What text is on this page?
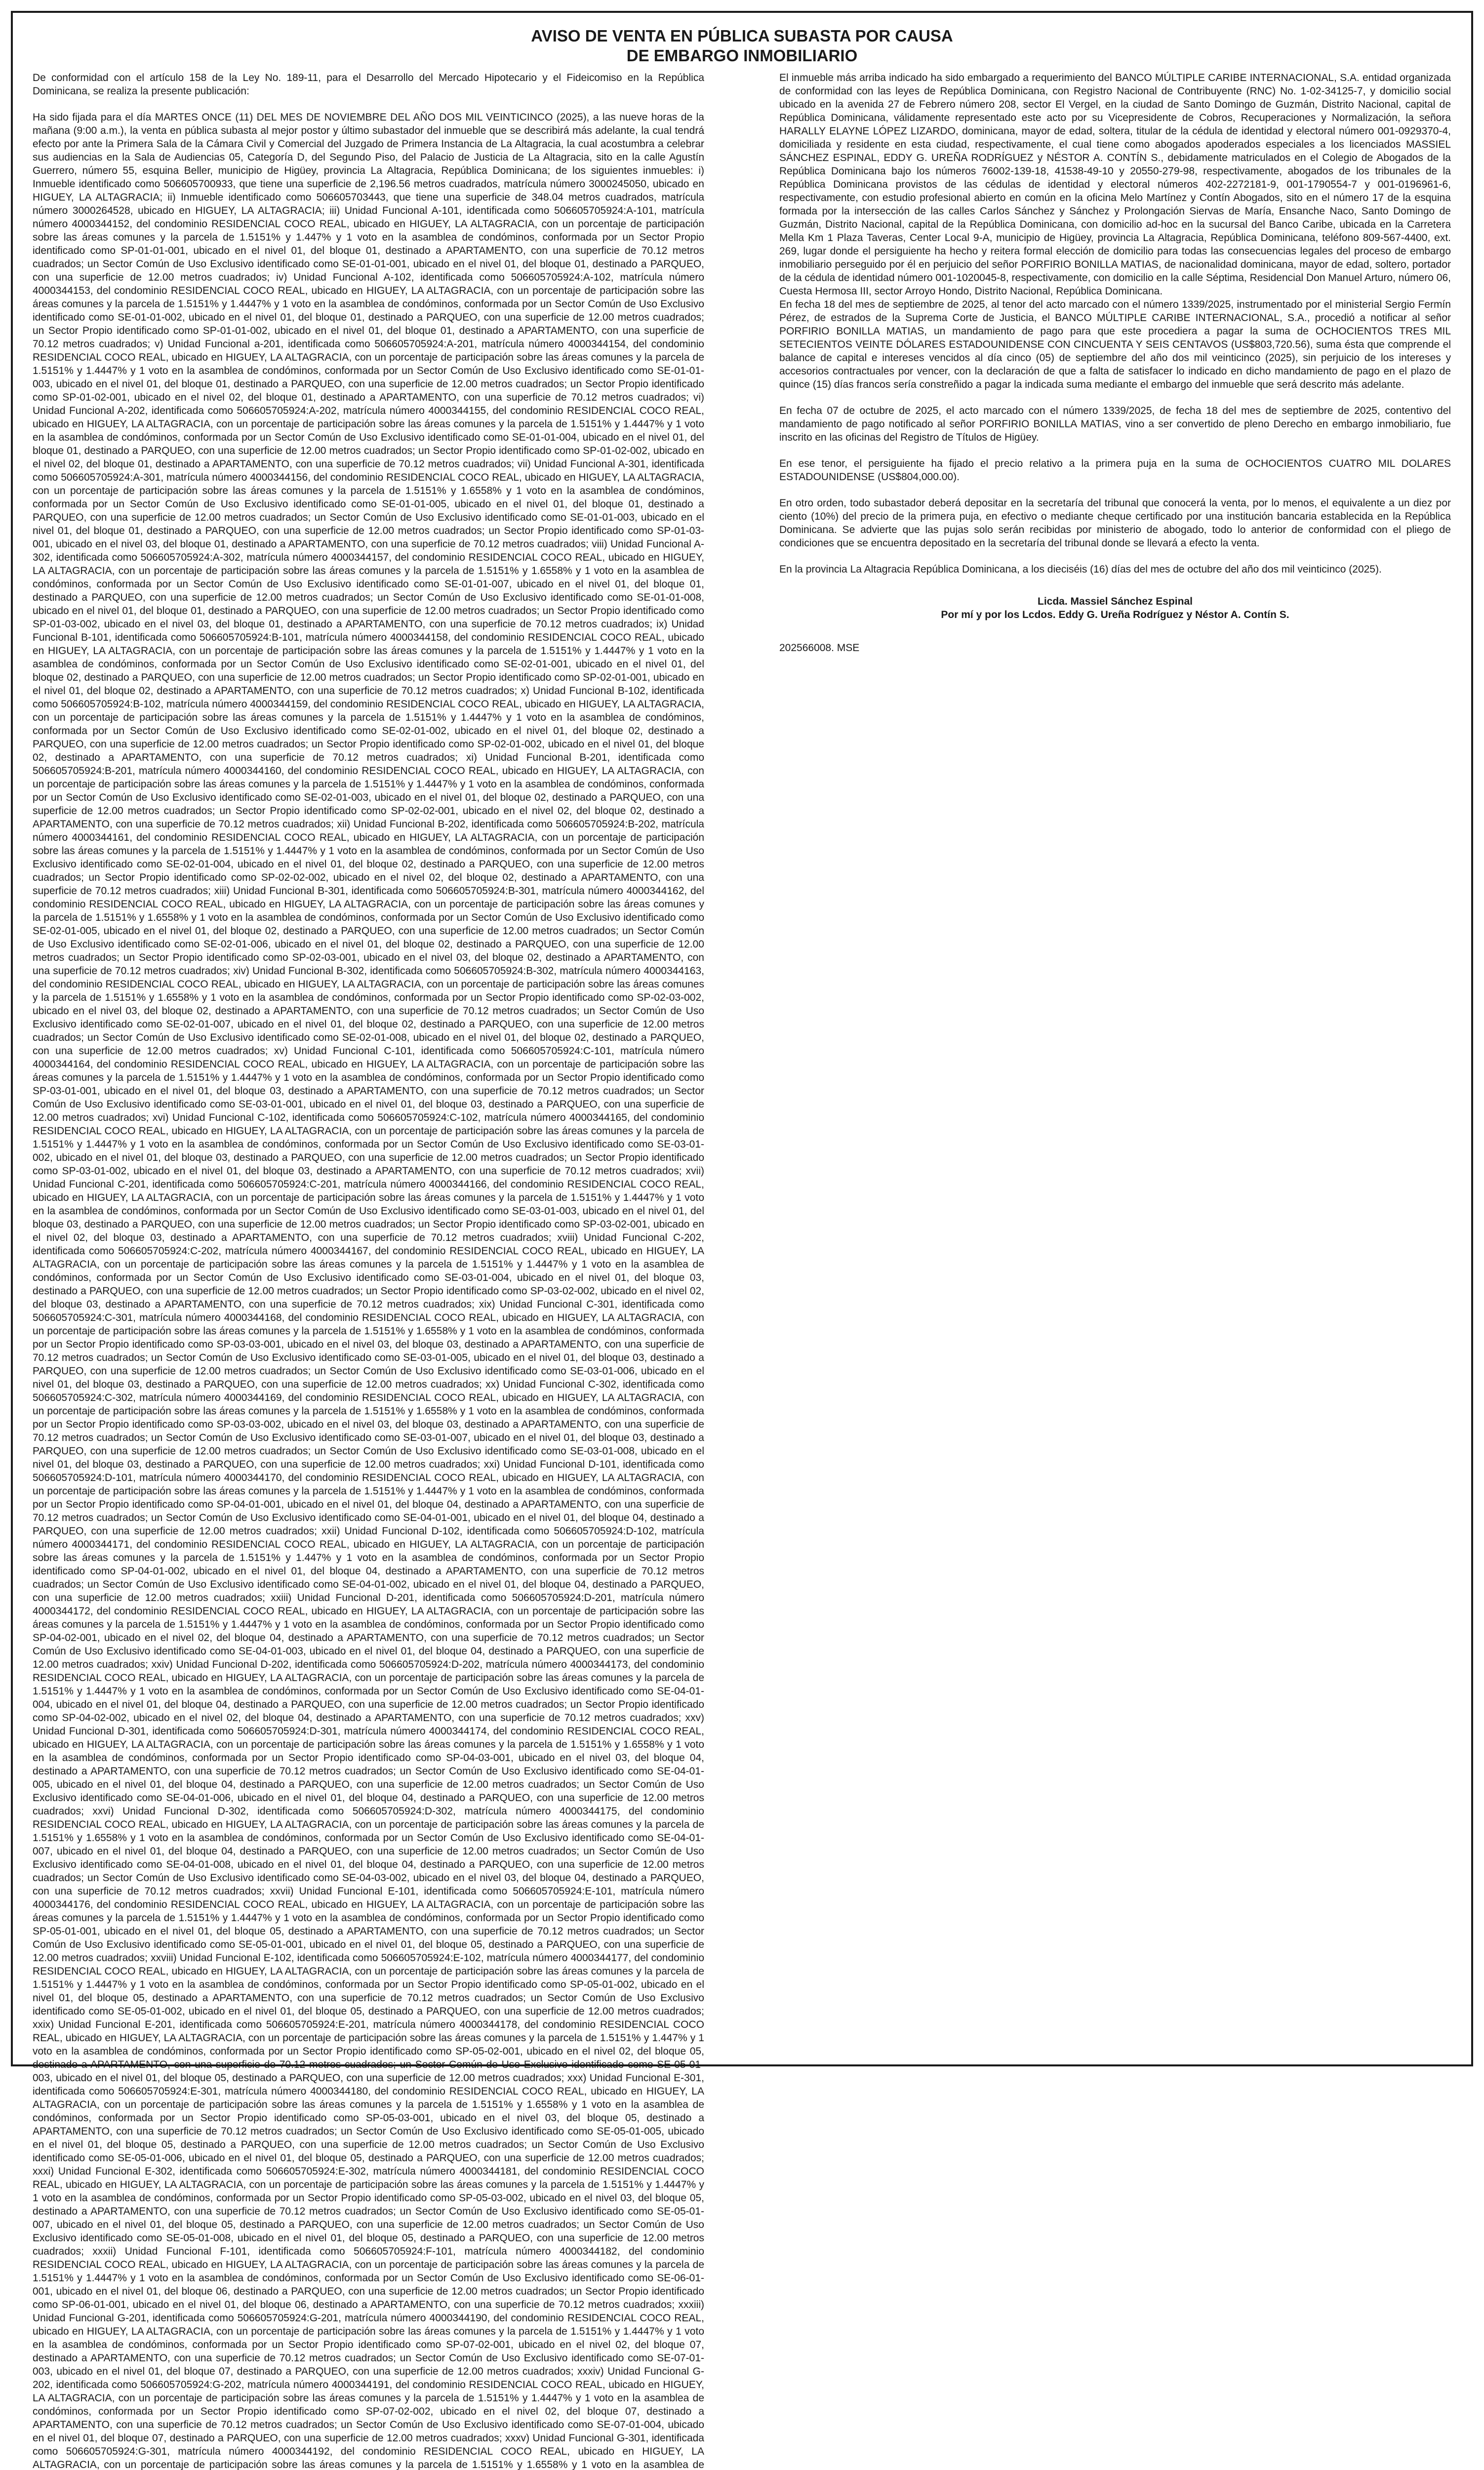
AVISO DE VENTA EN PÚBLICA SUBASTA POR CAUSA
DE EMBARGO INMOBILIARIO

De conformidad con el artículo 158 de la Ley No. 189-11, para el Desarrollo del Mercado Hipotecario y el Fideicomiso en la República Dominicana, se realiza la presente publicación:

Ha sido fijada para el día MARTES ONCE (11) DEL MES DE NOVIEMBRE DEL AÑO DOS MIL VEINTICINCO (2025), a las nueve horas de la mañana (9:00 a.m.), la venta en pública subasta al mejor postor y último subastador del inmueble que se describirá más adelante, la cual tendrá efecto por ante la Primera Sala de la Cámara Civil y Comercial del Juzgado de Primera Instancia de La Altagracia, la cual acostumbra a celebrar sus audiencias en la Sala de Audiencias 05, Categoría D, del Segundo Piso, del Palacio de Justicia de La Altagracia, sito en la calle Agustín Guerrero, número 55, esquina Beller, municipio de Higüey, provincia La Altagracia, República Dominicana; de los siguientes inmuebles: i) Inmueble identificado como 506605700933, que tiene una superficie de 2,196.56 metros cuadrados, matrícula número 3000245050, ubicado en HIGUEY, LA ALTAGRACIA; ii) Inmueble identificado como 506605703443, que tiene una superficie de 348.04 metros cuadrados, matrícula número 3000264528, ubicado en HIGUEY, LA ALTAGRACIA; iii) Unidad Funcional A-101, identificada como 506605705924:A-101, matrícula número 4000344152, del condominio RESIDENCIAL COCO REAL, ubicado en HIGUEY, LA ALTAGRACIA, con un porcentaje de participación sobre las áreas comunes y la parcela de 1.5151% y 1.447% y 1 voto en la asamblea de condóminos, conformada por un Sector Propio identificado como SP-01-01-001, ubicado en el nivel 01, del bloque 01, destinado a APARTAMENTO, con una superficie de 70.12 metros cuadrados; un Sector Común de Uso Exclusivo identificado como SE-01-01-001, ubicado en el nivel 01, del bloque 01, destinado a PARQUEO, con una superficie de 12.00 metros cuadrados; iv) Unidad Funcional A-102, identificada como 506605705924:A-102, matrícula número 4000344153, del condominio RESIDENCIAL COCO REAL, ubicado en HIGUEY, LA ALTAGRACIA, con un porcentaje de participación sobre las áreas comunes y la parcela de 1.5151% y 1.4447% y 1 voto en la asamblea de condóminos, conformada por un Sector Común de Uso Exclusivo identificado como SE-01-01-002, ubicado en el nivel 01, del bloque 01, destinado a PARQUEO, con una superficie de 12.00 metros cuadrados; un Sector Propio identificado como SP-01-01-002, ubicado en el nivel 01, del bloque 01, destinado a APARTAMENTO, con una superficie de 70.12 metros cuadrados; v) Unidad Funcional a-201, identificada como 506605705924:A-201, matrícula número 4000344154, del condominio RESIDENCIAL COCO REAL, ubicado en HIGUEY, LA ALTAGRACIA, con un porcentaje de participación sobre las áreas comunes y la parcela de 1.5151% y 1.4447% y 1 voto en la asamblea de condóminos, conformada por un Sector Común de Uso Exclusivo identificado como SE-01-01-003, ubicado en el nivel 01, del bloque 01, destinado a PARQUEO, con una superficie de 12.00 metros cuadrados; un Sector Propio identificado como SP-01-02-001, ubicado en el nivel 02, del bloque 01, destinado a APARTAMENTO, con una superficie de 70.12 metros cuadrados; vi) Unidad Funcional A-202, identificada como 506605705924:A-202, matrícula número 4000344155, del condominio RESIDENCIAL COCO REAL, ubicado en HIGUEY, LA ALTAGRACIA, con un porcentaje de participación sobre las áreas comunes y la parcela de 1.5151% y 1.4447% y 1 voto en la asamblea de condóminos, conformada por un Sector Común de Uso Exclusivo identificado como SE-01-01-004, ubicado en el nivel 01, del bloque 01, destinado a PARQUEO, con una superficie de 12.00 metros cuadrados; un Sector Propio identificado como SP-01-02-002, ubicado en el nivel 02, del bloque 01, destinado a APARTAMENTO, con una superficie de 70.12 metros cuadrados; vii) Unidad Funcional A-301, identificada como 506605705924:A-301, matrícula número 4000344156, del condominio RESIDENCIAL COCO REAL, ubicado en HIGUEY, LA ALTAGRACIA, con un porcentaje de participación sobre las áreas comunes y la parcela de 1.5151% y 1.6558% y 1 voto en la asamblea de condóminos, conformada por un Sector Común de Uso Exclusivo identificado como SE-01-01-005, ubicado en el nivel 01, del bloque 01, destinado a PARQUEO, con una superficie de 12.00 metros cuadrados; un Sector Común de Uso Exclusivo identificado como SE-01-01-003, ubicado en el nivel 01, del bloque 01, destinado a PARQUEO, con una superficie de 12.00 metros cuadrados; un Sector Propio identificado como SP-01-03-001, ubicado en el nivel 03, del bloque 01, destinado a APARTAMENTO, con una superficie de 70.12 metros cuadrados; viii) Unidad Funcional A-302, identificada como 506605705924:A-302, matrícula número 4000344157, del condominio RESIDENCIAL COCO REAL, ubicado en HIGUEY, LA ALTAGRACIA, con un porcentaje de participación sobre las áreas comunes y la parcela de 1.5151% y 1.6558% y 1 voto en la asamblea de condóminos, conformada por un Sector Común de Uso Exclusivo identificado como SE-01-01-007, ubicado en el nivel 01, del bloque 01, destinado a PARQUEO, con una superficie de 12.00 metros cuadrados; un Sector Común de Uso Exclusivo identificado como SE-01-01-008, ubicado en el nivel 01, del bloque 01, destinado a PARQUEO, con una superficie de 12.00 metros cuadrados; un Sector Propio identificado como SP-01-03-002, ubicado en el nivel 03, del bloque 01, destinado a APARTAMENTO, con una superficie de 70.12 metros cuadrados; ix) Unidad Funcional B-101, identificada como 506605705924:B-101, matrícula número 4000344158, del condominio RESIDENCIAL COCO REAL, ubicado en HIGUEY, LA ALTAGRACIA, con un porcentaje de participación sobre las áreas comunes y la parcela de 1.5151% y 1.4447% y 1 voto en la asamblea de condóminos, conformada por un Sector Común de Uso Exclusivo identificado como SE-02-01-001, ubicado en el nivel 01, del bloque 02, destinado a PARQUEO, con una superficie de 12.00 metros cuadrados; un Sector Propio identificado como SP-02-01-001, ubicado en el nivel 01, del bloque 02, destinado a APARTAMENTO, con una superficie de 70.12 metros cuadrados; x) Unidad Funcional B-102, identificada como 506605705924:B-102, matrícula número 4000344159, del condominio RESIDENCIAL COCO REAL, ubicado en HIGUEY, LA ALTAGRACIA, con un porcentaje de participación sobre las áreas comunes y la parcela de 1.5151% y 1.4447% y 1 voto en la asamblea de condóminos, conformada por un Sector Común de Uso Exclusivo identificado como SE-02-01-002, ubicado en el nivel 01, del bloque 02, destinado a PARQUEO, con una superficie de 12.00 metros cuadrados; un Sector Propio identificado como SP-02-01-002, ubicado en el nivel 01, del bloque 02, destinado a APARTAMENTO, con una superficie de 70.12 metros cuadrados; xi) Unidad Funcional B-201, identificada como 506605705924:B-201, matrícula número 4000344160, del condominio RESIDENCIAL COCO REAL, ubicado en HIGUEY, LA ALTAGRACIA, con un porcentaje de participación sobre las áreas comunes y la parcela de 1.5151% y 1.4447% y 1 voto en la asamblea de condóminos, conformada por un Sector Común de Uso Exclusivo identificado como SE-02-01-003, ubicado en el nivel 01, del bloque 02, destinado a PARQUEO, con una superficie de 12.00 metros cuadrados; un Sector Propio identificado como SP-02-02-001, ubicado en el nivel 02, del bloque 02, destinado a APARTAMENTO, con una superficie de 70.12 metros cuadrados; xii) Unidad Funcional B-202, identificada como 506605705924:B-202, matrícula número 4000344161, del condominio RESIDENCIAL COCO REAL, ubicado en HIGUEY, LA ALTAGRACIA, con un porcentaje de participación sobre las áreas comunes y la parcela de 1.5151% y 1.4447% y 1 voto en la asamblea de condóminos, conformada por un Sector Común de Uso Exclusivo identificado como SE-02-01-004, ubicado en el nivel 01, del bloque 02, destinado a PARQUEO, con una superficie de 12.00 metros cuadrados; un Sector Propio identificado como SP-02-02-002, ubicado en el nivel 02, del bloque 02, destinado a APARTAMENTO, con una superficie de 70.12 metros cuadrados; xiii) Unidad Funcional B-301, identificada como 506605705924:B-301, matrícula número 4000344162, del condominio RESIDENCIAL COCO REAL, ubicado en HIGUEY, LA ALTAGRACIA, con un porcentaje de participación sobre las áreas comunes y la parcela de 1.5151% y 1.6558% y 1 voto en la asamblea de condóminos, conformada por un Sector Común de Uso Exclusivo identificado como SE-02-01-005, ubicado en el nivel 01, del bloque 02, destinado a PARQUEO, con una superficie de 12.00 metros cuadrados; un Sector Común de Uso Exclusivo identificado como SE-02-01-006, ubicado en el nivel 01, del bloque 02, destinado a PARQUEO, con una superficie de 12.00 metros cuadrados; un Sector Propio identificado como SP-02-03-001, ubicado en el nivel 03, del bloque 02, destinado a APARTAMENTO, con una superficie de 70.12 metros cuadrados; xiv) Unidad Funcional B-302, identificada como 506605705924:B-302, matrícula número 4000344163, del condominio RESIDENCIAL COCO REAL, ubicado en HIGUEY, LA ALTAGRACIA, con un porcentaje de participación sobre las áreas comunes y la parcela de 1.5151% y 1.6558% y 1 voto en la asamblea de condóminos, conformada por un Sector Propio identificado como SP-02-03-002, ubicado en el nivel 03, del bloque 02, destinado a APARTAMENTO, con una superficie de 70.12 metros cuadrados; un Sector Común de Uso Exclusivo identificado como SE-02-01-007, ubicado en el nivel 01, del bloque 02, destinado a PARQUEO, con una superficie de 12.00 metros cuadrados; un Sector Común de Uso Exclusivo identificado como SE-02-01-008, ubicado en el nivel 01, del bloque 02, destinado a PARQUEO, con una superficie de 12.00 metros cuadrados; xv) Unidad Funcional C-101, identificada como 506605705924:C-101, matrícula número 4000344164, del condominio RESIDENCIAL COCO REAL, ubicado en HIGUEY, LA ALTAGRACIA, con un porcentaje de participación sobre las áreas comunes y la parcela de 1.5151% y 1.4447% y 1 voto en la asamblea de condóminos, conformada por un Sector Propio identificado como SP-03-01-001, ubicado en el nivel 01, del bloque 03, destinado a APARTAMENTO, con una superficie de 70.12 metros cuadrados; un Sector Común de Uso Exclusivo identificado como SE-03-01-001, ubicado en el nivel 01, del bloque 03, destinado a PARQUEO, con una superficie de 12.00 metros cuadrados; xvi) Unidad Funcional C-102, identificada como 506605705924:C-102, matrícula número 4000344165, del condominio RESIDENCIAL COCO REAL, ubicado en HIGUEY, LA ALTAGRACIA, con un porcentaje de participación sobre las áreas comunes y la parcela de 1.5151% y 1.4447% y 1 voto en la asamblea de condóminos, conformada por un Sector Común de Uso Exclusivo identificado como SE-03-01-002, ubicado en el nivel 01, del bloque 03, destinado a PARQUEO, con una superficie de 12.00 metros cuadrados; un Sector Propio identificado como SP-03-01-002, ubicado en el nivel 01, del bloque 03, destinado a APARTAMENTO, con una superficie de 70.12 metros cuadrados; xvii) Unidad Funcional C-201, identificada como 506605705924:C-201, matrícula número 4000344166, del condominio RESIDENCIAL COCO REAL, ubicado en HIGUEY, LA ALTAGRACIA, con un porcentaje de participación sobre las áreas comunes y la parcela de 1.5151% y 1.4447% y 1 voto en la asamblea de condóminos, conformada por un Sector Común de Uso Exclusivo identificado como SE-03-01-003, ubicado en el nivel 01, del bloque 03, destinado a PARQUEO, con una superficie de 12.00 metros cuadrados; un Sector Propio identificado como SP-03-02-001, ubicado en el nivel 02, del bloque 03, destinado a APARTAMENTO, con una superficie de 70.12 metros cuadrados; xviii) Unidad Funcional C-202, identificada como 506605705924:C-202, matrícula número 4000344167, del condominio RESIDENCIAL COCO REAL, ubicado en HIGUEY, LA ALTAGRACIA, con un porcentaje de participación sobre las áreas comunes y la parcela de 1.5151% y 1.4447% y 1 voto en la asamblea de condóminos, conformada por un Sector Común de Uso Exclusivo identificado como SE-03-01-004, ubicado en el nivel 01, del bloque 03, destinado a PARQUEO, con una superficie de 12.00 metros cuadrados; un Sector Propio identificado como SP-03-02-002, ubicado en el nivel 02, del bloque 03, destinado a APARTAMENTO, con una superficie de 70.12 metros cuadrados; xix) Unidad Funcional C-301, identificada como 506605705924:C-301, matrícula número 4000344168, del condominio RESIDENCIAL COCO REAL, ubicado en HIGUEY, LA ALTAGRACIA, con un porcentaje de participación sobre las áreas comunes y la parcela de 1.5151% y 1.6558% y 1 voto en la asamblea de condóminos, conformada por un Sector Propio identificado como SP-03-03-001, ubicado en el nivel 03, del bloque 03, destinado a APARTAMENTO, con una superficie de 70.12 metros cuadrados; un Sector Común de Uso Exclusivo identificado como SE-03-01-005, ubicado en el nivel 01, del bloque 03, destinado a PARQUEO, con una superficie de 12.00 metros cuadrados; un Sector Común de Uso Exclusivo identificado como SE-03-01-006, ubicado en el nivel 01, del bloque 03, destinado a PARQUEO, con una superficie de 12.00 metros cuadrados; xx) Unidad Funcional C-302, identificada como 506605705924:C-302, matrícula número 4000344169, del condominio RESIDENCIAL COCO REAL, ubicado en HIGUEY, LA ALTAGRACIA, con un porcentaje de participación sobre las áreas comunes y la parcela de 1.5151% y 1.6558% y 1 voto en la asamblea de condóminos, conformada por un Sector Propio identificado como SP-03-03-002, ubicado en el nivel 03, del bloque 03, destinado a APARTAMENTO, con una superficie de 70.12 metros cuadrados; un Sector Común de Uso Exclusivo identificado como SE-03-01-007, ubicado en el nivel 01, del bloque 03, destinado a PARQUEO, con una superficie de 12.00 metros cuadrados; un Sector Común de Uso Exclusivo identificado como SE-03-01-008, ubicado en el nivel 01, del bloque 03, destinado a PARQUEO, con una superficie de 12.00 metros cuadrados; xxi) Unidad Funcional D-101, identificada como 506605705924:D-101, matrícula número 4000344170, del condominio RESIDENCIAL COCO REAL, ubicado en HIGUEY, LA ALTAGRACIA, con un porcentaje de participación sobre las áreas comunes y la parcela de 1.5151% y 1.4447% y 1 voto en la asamblea de condóminos, conformada por un Sector Propio identificado como SP-04-01-001, ubicado en el nivel 01, del bloque 04, destinado a APARTAMENTO, con una superficie de 70.12 metros cuadrados; un Sector Común de Uso Exclusivo identificado como SE-04-01-001, ubicado en el nivel 01, del bloque 04, destinado a PARQUEO, con una superficie de 12.00 metros cuadrados; xxii) Unidad Funcional D-102, identificada como 506605705924:D-102, matrícula número 4000344171, del condominio RESIDENCIAL COCO REAL, ubicado en HIGUEY, LA ALTAGRACIA, con un porcentaje de participación sobre las áreas comunes y la parcela de 1.5151% y 1.447% y 1 voto en la asamblea de condóminos, conformada por un Sector Propio identificado como SP-04-01-002, ubicado en el nivel 01, del bloque 04, destinado a APARTAMENTO, con una superficie de 70.12 metros cuadrados; un Sector Común de Uso Exclusivo identificado como SE-04-01-002, ubicado en el nivel 01, del bloque 04, destinado a PARQUEO, con una superficie de 12.00 metros cuadrados; xxiii) Unidad Funcional D-201, identificada como 506605705924:D-201, matrícula número 4000344172, del condominio RESIDENCIAL COCO REAL, ubicado en HIGUEY, LA ALTAGRACIA, con un porcentaje de participación sobre las áreas comunes y la parcela de 1.5151% y 1.4447% y 1 voto en la asamblea de condóminos, conformada por un Sector Propio identificado como SP-04-02-001, ubicado en el nivel 02, del bloque 04, destinado a APARTAMENTO, con una superficie de 70.12 metros cuadrados; un Sector Común de Uso Exclusivo identificado como SE-04-01-003, ubicado en el nivel 01, del bloque 04, destinado a PARQUEO, con una superficie de 12.00 metros cuadrados; xxiv) Unidad Funcional D-202, identificada como 506605705924:D-202, matrícula número 4000344173, del condominio RESIDENCIAL COCO REAL, ubicado en HIGUEY, LA ALTAGRACIA, con un porcentaje de participación sobre las áreas comunes y la parcela de 1.5151% y 1.4447% y 1 voto en la asamblea de condóminos, conformada por un Sector Común de Uso Exclusivo identificado como SE-04-01-004, ubicado en el nivel 01, del bloque 04, destinado a PARQUEO, con una superficie de 12.00 metros cuadrados; un Sector Propio identificado como SP-04-02-002, ubicado en el nivel 02, del bloque 04, destinado a APARTAMENTO, con una superficie de 70.12 metros cuadrados; xxv) Unidad Funcional D-301, identificada como 506605705924:D-301, matrícula número 4000344174, del condominio RESIDENCIAL COCO REAL, ubicado en HIGUEY, LA ALTAGRACIA, con un porcentaje de participación sobre las áreas comunes y la parcela de 1.5151% y 1.6558% y 1 voto en la asamblea de condóminos, conformada por un Sector Propio identificado como SP-04-03-001, ubicado en el nivel 03, del bloque 04, destinado a APARTAMENTO, con una superficie de 70.12 metros cuadrados; un Sector Común de Uso Exclusivo identificado como SE-04-01-005, ubicado en el nivel 01, del bloque 04, destinado a PARQUEO, con una superficie de 12.00 metros cuadrados; un Sector Común de Uso Exclusivo identificado como SE-04-01-006, ubicado en el nivel 01, del bloque 04, destinado a PARQUEO, con una superficie de 12.00 metros cuadrados; xxvi) Unidad Funcional D-302, identificada como 506605705924:D-302, matrícula número 4000344175, del condominio RESIDENCIAL COCO REAL, ubicado en HIGUEY, LA ALTAGRACIA, con un porcentaje de participación sobre las áreas comunes y la parcela de 1.5151% y 1.6558% y 1 voto en la asamblea de condóminos, conformada por un Sector Común de Uso Exclusivo identificado como SE-04-01-007, ubicado en el nivel 01, del bloque 04, destinado a PARQUEO, con una superficie de 12.00 metros cuadrados; un Sector Común de Uso Exclusivo identificado como SE-04-01-008, ubicado en el nivel 01, del bloque 04, destinado a PARQUEO, con una superficie de 12.00 metros cuadrados; un Sector Común de Uso Exclusivo identificado como SE-04-03-002, ubicado en el nivel 03, del bloque 04, destinado a PARQUEO, con una superficie de 70.12 metros cuadrados; xxvii) Unidad Funcional E-101, identificada como 506605705924:E-101, matrícula número 4000344176, del condominio RESIDENCIAL COCO REAL, ubicado en HIGUEY, LA ALTAGRACIA, con un porcentaje de participación sobre las áreas comunes y la parcela de 1.5151% y 1.4447% y 1 voto en la asamblea de condóminos, conformada por un Sector Propio identificado como SP-05-01-001, ubicado en el nivel 01, del bloque 05, destinado a APARTAMENTO, con una superficie de 70.12 metros cuadrados; un Sector Común de Uso Exclusivo identificado como SE-05-01-001, ubicado en el nivel 01, del bloque 05, destinado a PARQUEO, con una superficie de 12.00 metros cuadrados; xxviii) Unidad Funcional E-102, identificada como 506605705924:E-102, matrícula número 4000344177, del condominio RESIDENCIAL COCO REAL, ubicado en HIGUEY, LA ALTAGRACIA, con un porcentaje de participación sobre las áreas comunes y la parcela de 1.5151% y 1.4447% y 1 voto en la asamblea de condóminos, conformada por un Sector Propio identificado como SP-05-01-002, ubicado en el nivel 01, del bloque 05, destinado a APARTAMENTO, con una superficie de 70.12 metros cuadrados; un Sector Común de Uso Exclusivo identificado como SE-05-01-002, ubicado en el nivel 01, del bloque 05, destinado a PARQUEO, con una superficie de 12.00 metros cuadrados; xxix) Unidad Funcional E-201, identificada como 506605705924:E-201, matrícula número 4000344178, del condominio RESIDENCIAL COCO REAL, ubicado en HIGUEY, LA ALTAGRACIA, con un porcentaje de participación sobre las áreas comunes y la parcela de 1.5151% y 1.447% y 1 voto en la asamblea de condóminos, conformada por un Sector Propio identificado como SP-05-02-001, ubicado en el nivel 02, del bloque 05, destinado a APARTAMENTO, con una superficie de 70.12 metros cuadrados; un Sector Común de Uso Exclusivo identificado como SE-05-01-003, ubicado en el nivel 01, del bloque 05, destinado a PARQUEO, con una superficie de 12.00 metros cuadrados; xxx) Unidad Funcional E-301, identificada como 506605705924:E-301, matrícula número 4000344180, del condominio RESIDENCIAL COCO REAL, ubicado en HIGUEY, LA ALTAGRACIA, con un porcentaje de participación sobre las áreas comunes y la parcela de 1.5151% y 1.6558% y 1 voto en la asamblea de condóminos, conformada por un Sector Propio identificado como SP-05-03-001, ubicado en el nivel 03, del bloque 05, destinado a APARTAMENTO, con una superficie de 70.12 metros cuadrados; un Sector Común de Uso Exclusivo identificado como SE-05-01-005, ubicado en el nivel 01, del bloque 05, destinado a PARQUEO, con una superficie de 12.00 metros cuadrados; un Sector Común de Uso Exclusivo identificado como SE-05-01-006, ubicado en el nivel 01, del bloque 05, destinado a PARQUEO, con una superficie de 12.00 metros cuadrados; xxxi) Unidad Funcional E-302, identificada como 506605705924:E-302, matrícula número 4000344181, del condominio RESIDENCIAL COCO REAL, ubicado en HIGUEY, LA ALTAGRACIA, con un porcentaje de participación sobre las áreas comunes y la parcela de 1.5151% y 1.4447% y 1 voto en la asamblea de condóminos, conformada por un Sector Propio identificado como SP-05-03-002, ubicado en el nivel 03, del bloque 05, destinado a APARTAMENTO, con una superficie de 70.12 metros cuadrados; un Sector Común de Uso Exclusivo identificado como SE-05-01-007, ubicado en el nivel 01, del bloque 05, destinado a PARQUEO, con una superficie de 12.00 metros cuadrados; un Sector Común de Uso Exclusivo identificado como SE-05-01-008, ubicado en el nivel 01, del bloque 05, destinado a PARQUEO, con una superficie de 12.00 metros cuadrados; xxxii) Unidad Funcional F-101, identificada como 506605705924:F-101, matrícula número 4000344182, del condominio RESIDENCIAL COCO REAL, ubicado en HIGUEY, LA ALTAGRACIA, con un porcentaje de participación sobre las áreas comunes y la parcela de 1.5151% y 1.4447% y 1 voto en la asamblea de condóminos, conformada por un Sector Común de Uso Exclusivo identificado como SE-06-01-001, ubicado en el nivel 01, del bloque 06, destinado a PARQUEO, con una superficie de 12.00 metros cuadrados; un Sector Propio identificado como SP-06-01-001, ubicado en el nivel 01, del bloque 06, destinado a APARTAMENTO, con una superficie de 70.12 metros cuadrados; xxxiii) Unidad Funcional G-201, identificada como 506605705924:G-201, matrícula número 4000344190, del condominio RESIDENCIAL COCO REAL, ubicado en HIGUEY, LA ALTAGRACIA, con un porcentaje de participación sobre las áreas comunes y la parcela de 1.5151% y 1.4447% y 1 voto en la asamblea de condóminos, conformada por un Sector Propio identificado como SP-07-02-001, ubicado en el nivel 02, del bloque 07, destinado a APARTAMENTO, con una superficie de 70.12 metros cuadrados; un Sector Común de Uso Exclusivo identificado como SE-07-01-003, ubicado en el nivel 01, del bloque 07, destinado a PARQUEO, con una superficie de 12.00 metros cuadrados; xxxiv) Unidad Funcional G-202, identificada como 506605705924:G-202, matrícula número 4000344191, del condominio RESIDENCIAL COCO REAL, ubicado en HIGUEY, LA ALTAGRACIA, con un porcentaje de participación sobre las áreas comunes y la parcela de 1.5151% y 1.4447% y 1 voto en la asamblea de condóminos, conformada por un Sector Propio identificado como SP-07-02-002, ubicado en el nivel 02, del bloque 07, destinado a APARTAMENTO, con una superficie de 70.12 metros cuadrados; un Sector Común de Uso Exclusivo identificado como SE-07-01-004, ubicado en el nivel 01, del bloque 07, destinado a PARQUEO, con una superficie de 12.00 metros cuadrados; xxxv) Unidad Funcional G-301, identificada como 506605705924:G-301, matrícula número 4000344192, del condominio RESIDENCIAL COCO REAL, ubicado en HIGUEY, LA ALTAGRACIA, con un porcentaje de participación sobre las áreas comunes y la parcela de 1.5151% y 1.6558% y 1 voto en la asamblea de

El inmueble más arriba indicado ha sido embargado a requerimiento del BANCO MÚLTIPLE CARIBE INTERNACIONAL, S.A. entidad organizada de conformidad con las leyes de República Dominicana, con Registro Nacional de Contribuyente (RNC) No. 1-02-34125-7, y domicilio social ubicado en la avenida 27 de Febrero número 208, sector El Vergel, en la ciudad de Santo Domingo de Guzmán, Distrito Nacional, capital de República Dominicana, válidamente representado este acto por su Vicepresidente de Cobros, Recuperaciones y Normalización, la señora HARALLY ELAYNE LÓPEZ LIZARDO, dominicana, mayor de edad, soltera, titular de la cédula de identidad y electoral número 001-0929370-4, domiciliada y residente en esta ciudad, respectivamente, el cual tiene como abogados apoderados especiales a los licenciados MASSIEL SÁNCHEZ ESPINAL, EDDY G. UREÑA RODRÍGUEZ y NÉSTOR A. CONTÍN S., debidamente matriculados en el Colegio de Abogados de la República Dominicana bajo los números 76002-139-18, 41538-49-10 y 20550-279-98, respectivamente, abogados de los tribunales de la República Dominicana provistos de las cédulas de identidad y electoral números 402-2272181-9, 001-1790554-7 y 001-0196961-6, respectivamente, con estudio profesional abierto en común en la oficina Melo Martínez y Contín Abogados, sito en el número 17 de la esquina formada por la intersección de las calles Carlos Sánchez y Sánchez y Prolongación Siervas de María, Ensanche Naco, Santo Domingo de Guzmán, Distrito Nacional, capital de la República Dominicana, con domicilio ad-hoc en la sucursal del Banco Caribe, ubicada en la Carretera Mella Km 1 Plaza Taveras, Center Local 9-A, municipio de Higüey, provincia La Altagracia, República Dominicana, teléfono 809-567-4400, ext. 269, lugar donde el persiguiente ha hecho y reitera formal elección de domicilio para todas las consecuencias legales del proceso de embargo inmobiliario perseguido por él en perjuicio del señor PORFIRIO BONILLA MATIAS, de nacionalidad dominicana, mayor de edad, soltero, portador de la cédula de identidad número 001-1020045-8, respectivamente, con domicilio en la calle Séptima, Residencial Don Manuel Arturo, número 06, Cuesta Hermosa III, sector Arroyo Hondo, Distrito Nacional, República Dominicana.

En fecha 18 del mes de septiembre de 2025, al tenor del acto marcado con el número 1339/2025, instrumentado por el ministerial Sergio Fermín Pérez, de estrados de la Suprema Corte de Justicia, el BANCO MÚLTIPLE CARIBE INTERNACIONAL, S.A., procedió a notificar al señor PORFIRIO BONILLA MATIAS, un mandamiento de pago para que este procediera a pagar la suma de OCHOCIENTOS TRES MIL SETECIENTOS VEINTE DÓLARES ESTADOUNIDENSE CON CINCUENTA Y SEIS CENTAVOS (US$803,720.56), suma ésta que comprende el balance de capital e intereses vencidos al día cinco (05) de septiembre del año dos mil veinticinco (2025), sin perjuicio de los intereses y accesorios contractuales por vencer, con la declaración de que a falta de satisfacer lo indicado en dicho mandamiento de pago en el plazo de quince (15) días francos sería constreñido a pagar la indicada suma mediante el embargo del inmueble que será descrito más adelante.

En fecha 07 de octubre de 2025, el acto marcado con el número 1339/2025, de fecha 18 del mes de septiembre de 2025, contentivo del mandamiento de pago notificado al señor PORFIRIO BONILLA MATIAS, vino a ser convertido de pleno Derecho en embargo inmobiliario, fue inscrito en las oficinas del Registro de Títulos de Higüey.

En ese tenor, el persiguiente ha fijado el precio relativo a la primera puja en la suma de OCHOCIENTOS CUATRO MIL DOLARES ESTADOUNIDENSE (US$804,000.00).

En otro orden, todo subastador deberá depositar en la secretaría del tribunal que conocerá la venta, por lo menos, el equivalente a un diez por ciento (10%) del precio de la primera puja, en efectivo o mediante cheque certificado por una institución bancaria establecida en la República Dominicana. Se advierte que las pujas solo serán recibidas por ministerio de abogado, todo lo anterior de conformidad con el pliego de condiciones que se encuentra depositado en la secretaría del tribunal donde se llevará a efecto la venta.

En la provincia La Altagracia República Dominicana, a los dieciséis (16) días del mes de octubre del año dos mil veinticinco (2025).

Licda. Massiel Sánchez Espinal
Por mí y por los Lcdos. Eddy G. Ureña Rodríguez y Néstor A. Contín S.
202566008. MSE
